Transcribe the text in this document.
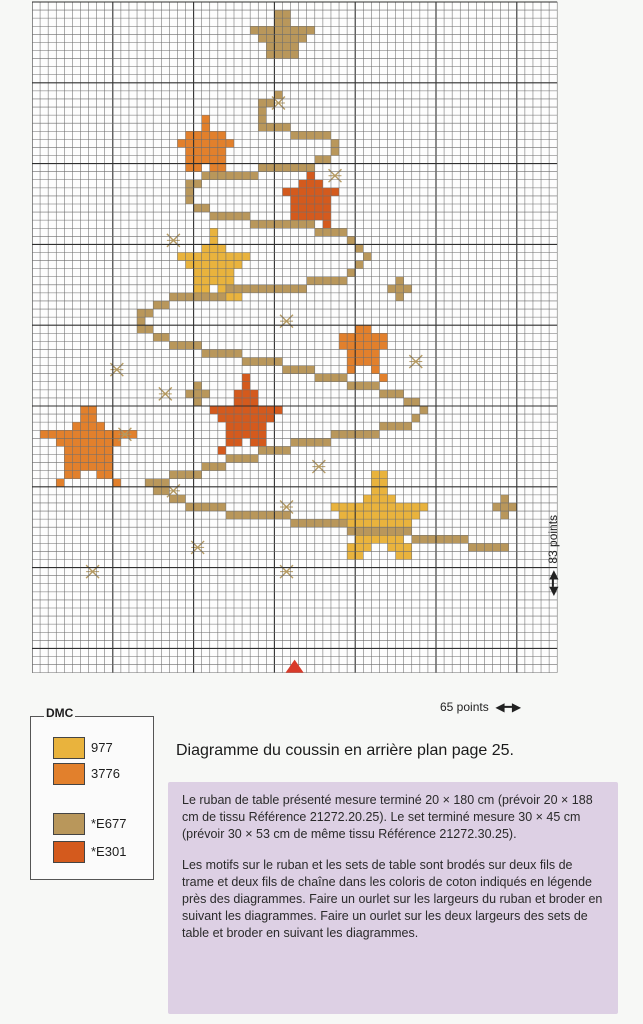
65 points  ◀━▶
◀━▶  83 points
977
3776
*E677
*E301
DMC
Diagramme du coussin en arrière plan page 25.

Le ruban de table présenté mesure terminé 20 × 180 cm (prévoir 20 × 188 cm de tissu Référence 21272.20.25). Le set terminé mesure 30 × 45 cm (prévoir 30 × 53 cm de même tissu Référence 21272.30.25).

Les motifs sur le ruban et les sets de table sont brodés sur deux fils de trame et deux fils de chaîne dans les coloris de coton indiqués en légende près des diagrammes. Faire un ourlet sur les largeurs du ruban et broder en suivant les diagrammes. Faire un ourlet sur les deux largeurs des sets de table et broder en suivant les diagrammes.
